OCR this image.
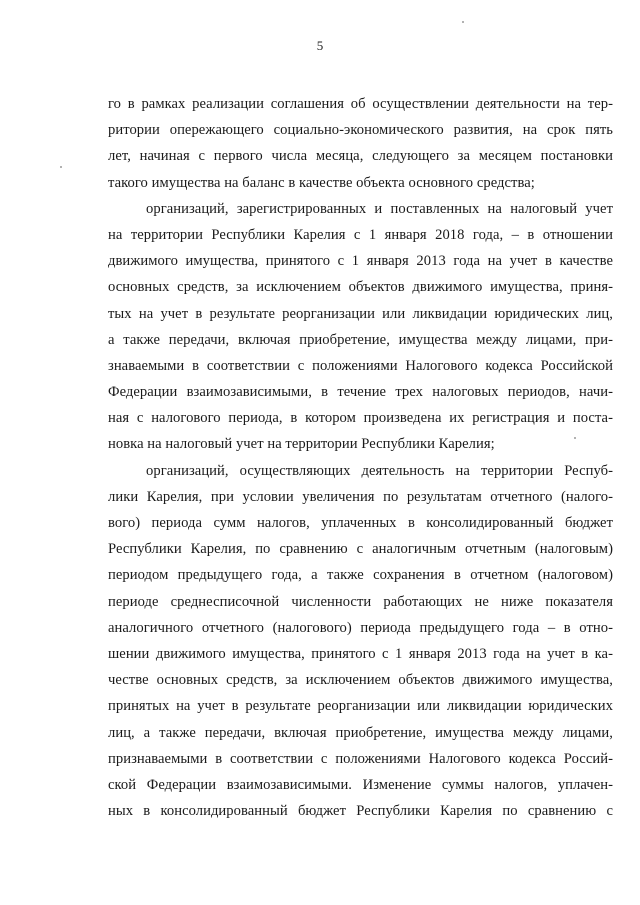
5
го в рамках реализации соглашения об осуществлении деятельности на тер-
ритории опережающего социально-экономического развития, на срок пять
лет, начиная с первого числа месяца, следующего за месяцем постановки
такого имущества на баланс в качестве объекта основного средства;
организаций, зарегистрированных и поставленных на налоговый учет
на территории Республики Карелия с 1 января 2018 года, – в отношении
движимого имущества, принятого с 1 января 2013 года на учет в качестве
основных средств, за исключением объектов движимого имущества, приня-
тых на учет в результате реорганизации или ликвидации юридических лиц,
а также передачи, включая приобретение, имущества между лицами, при-
знаваемыми в соответствии с положениями Налогового кодекса Российской
Федерации взаимозависимыми, в течение трех налоговых периодов, начи-
ная с налогового периода, в котором произведена их регистрация и поста-
новка на налоговый учет на территории Республики Карелия;
организаций, осуществляющих деятельность на территории Респуб-
лики Карелия, при условии увеличения по результатам отчетного (налого-
вого) периода сумм налогов, уплаченных в консолидированный бюджет
Республики Карелия, по сравнению с аналогичным отчетным (налоговым)
периодом предыдущего года, а также сохранения в отчетном (налоговом)
периоде среднесписочной численности работающих не ниже показателя
аналогичного отчетного (налогового) периода предыдущего года – в отно-
шении движимого имущества, принятого с 1 января 2013 года на учет в ка-
честве основных средств, за исключением объектов движимого имущества,
принятых на учет в результате реорганизации или ликвидации юридических
лиц, а также передачи, включая приобретение, имущества между лицами,
признаваемыми в соответствии с положениями Налогового кодекса Россий-
ской Федерации взаимозависимыми. Изменение суммы налогов, уплачен-
ных в консолидированный бюджет Республики Карелия по сравнению с
